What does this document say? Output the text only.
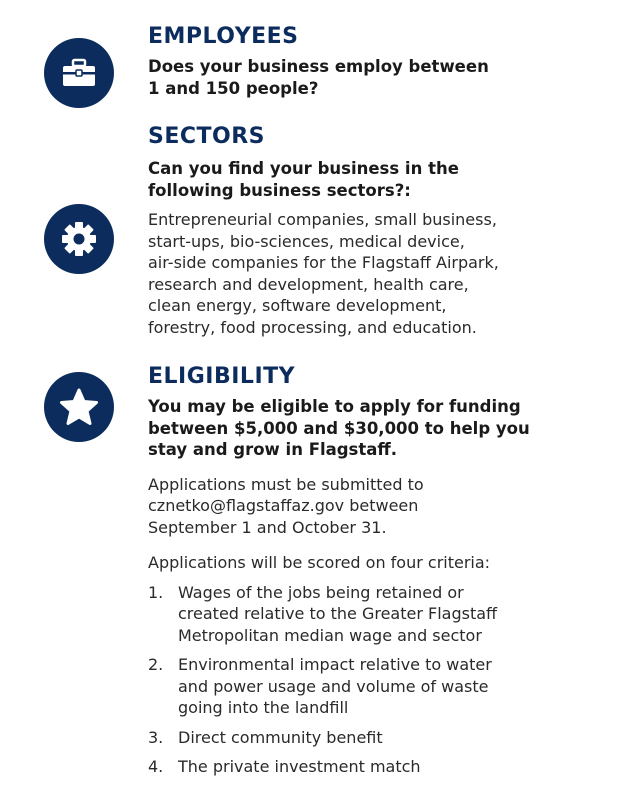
EMPLOYEES

Does your business employ between

1 and 150 people?

SECTORS

Can you find your business in the

following business sectors?:

Entrepreneurial companies, small business,

start-ups, bio-sciences, medical device,

air-side companies for the Flagstaff Airpark,

research and development, health care,

clean energy, software development,

forestry, food processing, and education.

ELIGIBILITY

You may be eligible to apply for funding

between $5,000 and $30,000 to help you

stay and grow in Flagstaff.

Applications must be submitted to

cznetko@flagstaffaz.gov between

September 1 and October 31.

Applications will be scored on four criteria:

1. Wages of the jobs being retained or
created relative to the Greater Flagstaff
Metropolitan median wage and sector
2. Environmental impact relative to water
and power usage and volume of waste
going into the landfill
3. Direct community benefit
4. The private investment match
